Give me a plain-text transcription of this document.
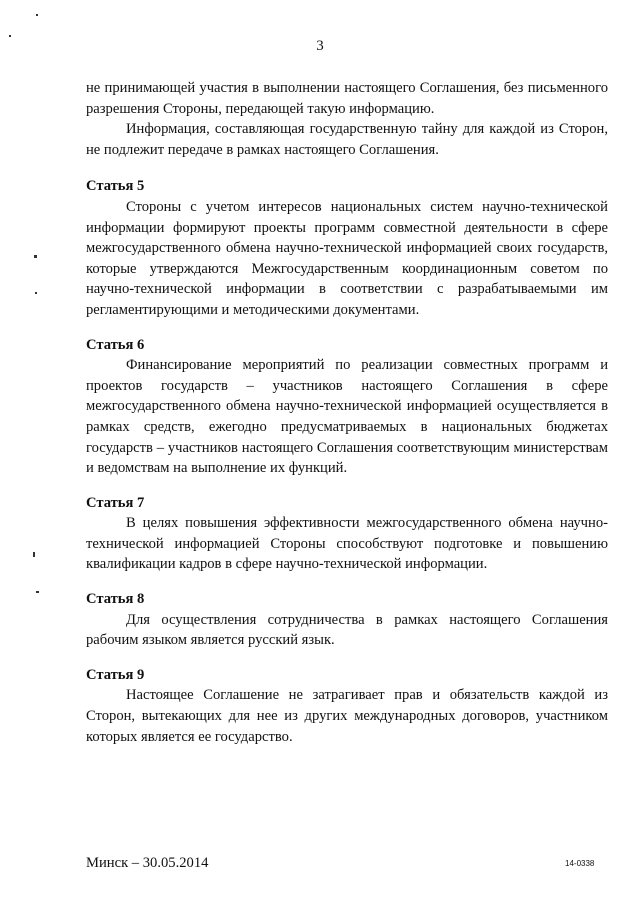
3

не принимающей участия в выполнении настоящего Соглашения, без письменного разрешения Стороны, передающей такую информацию.

Информация, составляющая государственную тайну для каждой из Сторон, не подлежит передаче в рамках настоящего Соглашения.

Статья 5

Стороны с учетом интересов национальных систем научно-технической информации формируют проекты программ совместной деятельности в сфере межгосударственного обмена научно-технической информацией своих государств, которые утверждаются Межгосударственным координационным советом по научно-технической информации в соответствии с разрабатываемыми им регламентирующими и методическими документами.

Статья 6

Финансирование мероприятий по реализации совместных программ и проектов государств – участников настоящего Соглашения в сфере межгосударственного обмена научно-технической информацией осуществляется в рамках средств, ежегодно предусматриваемых в национальных бюджетах государств – участников настоящего Соглашения соответствующим министерствам и ведомствам на выполнение их функций.

Статья 7

В целях повышения эффективности межгосударственного обмена научно-технической информацией Стороны способствуют подготовке и повышению квалификации кадров в сфере научно-технической информации.

Статья 8

Для осуществления сотрудничества в рамках настоящего Соглашения рабочим языком является русский язык.

Статья 9

Настоящее Соглашение не затрагивает прав и обязательств каждой из Сторон, вытекающих для нее из других международных договоров, участником которых является ее государство.

Минск – 30.05.2014	14-0338
